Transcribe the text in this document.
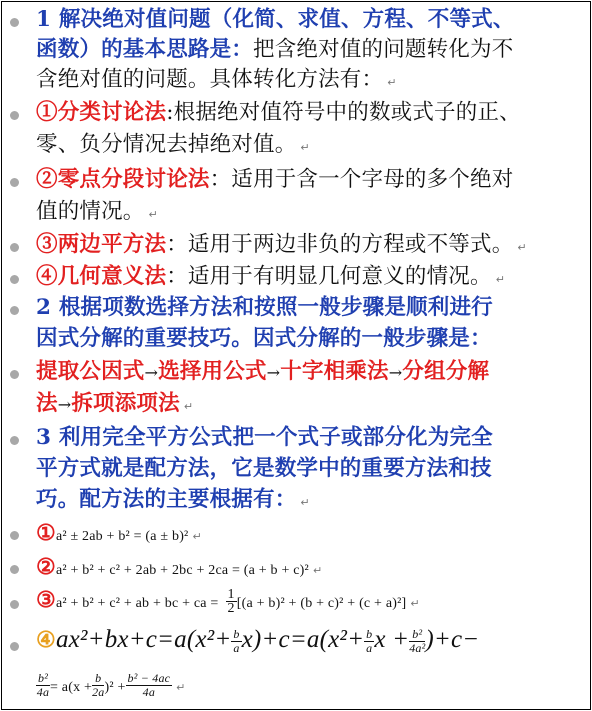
1 解决绝对值问题（化简、求值、方程、不等式、
函数）的基本思路是：把含绝对值的问题转化为不
含绝对值的问题。具体转化方法有： ↵
①分类讨论法:根据绝对值符号中的数或式子的正、
零、负分情况去掉绝对值。 ↵
②零点分段讨论法：适用于含一个字母的多个绝对
值的情况。 ↵
③两边平方法：适用于两边非负的方程或不等式。 ↵
④几何意义法：适用于有明显几何意义的情况。 ↵
2 根据项数选择方法和按照一般步骤是顺利进行
因式分解的重要技巧。因式分解的一般步骤是：
提取公因式→选择用公式→十字相乘法→分组分解
法→拆项添项法 ↵
3 利用完全平方公式把一个式子或部分化为完全
平方式就是配方法，它是数学中的重要方法和技
巧。配方法的主要根据有： ↵
①a² ± 2ab + b² = (a ± b)² ↵
②a² + b² + c² + 2ab + 2bc + 2ca = (a + b + c)² ↵
③a² + b² + c² + ab + bc + ca = $\frac{1}{2} [(a + b)^2 + (b + c)^2 + (c + a)^2]$ ↵
④ax²+bx+c=a(x²+ $\frac{b}{a} x)+c=a(x^2+ \frac{b}{a}$ $x + \frac{\text{b²}}{\text{4a²}} )+c-$
$\frac{\text{b²}}{4a} = a(x + \frac{b}{2a} )^2 + \frac{\text{b² − 4ac}}{4a}$ ↵
